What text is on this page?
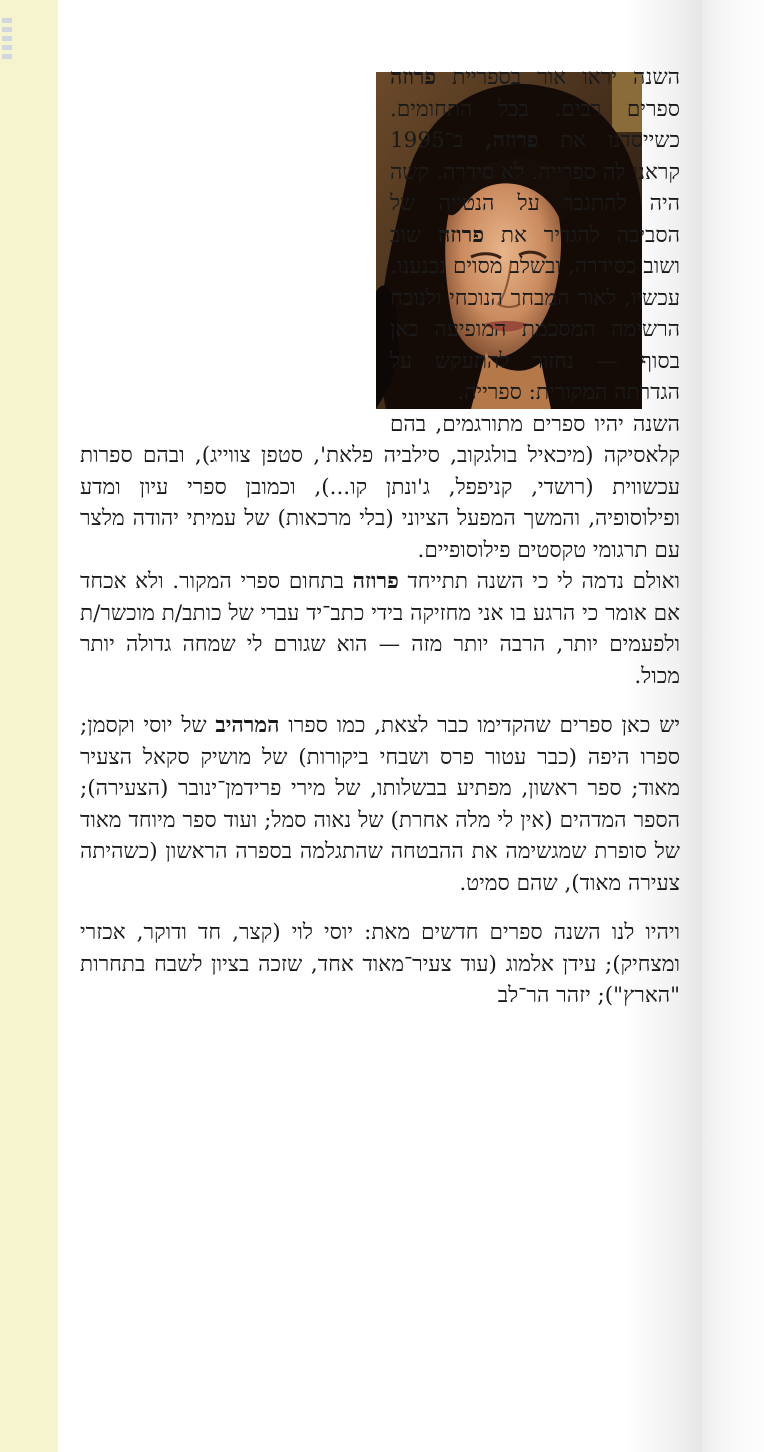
השנה יראו אור בספריית פרוזה ספרים רבים. בכל התחומים. כשייסדנו את פרוזה, ב־1995 קראנו לה ספרייה. לא סידרה. קשה היה להתגבר על הנטייה של הסביבה להגדיר את פרוזה שוב ושוב כסידרה, ובשלב מסוים נכנענו. עכשיו, לאור המבחר הנוכחי ולנוכח הרשימה המסכמת המופיעה כאן בסוף — נחזור להתעקש על הגדרתה המקורית: ספרייה.

השנה יהיו ספרים מתורגמים, בהם קלאסיקה (מיכאיל בולגקוב, סילביה פלאת', סטפן צווייג), ובהם ספרות עכשווית (רושדי, קניפפל, ג'ונתן קו...), וכמובן ספרי עיון ומדע ופילוסופיה, והמשך המפעל הציוני (בלי מרכאות) של עמיתי יהודה מלצר עם תרגומי טקסטים פילוסופיים.

ואולם נדמה לי כי השנה תתייחד פרוזה בתחום ספרי המקור. ולא אכחד אם אומר כי הרגע בו אני מחזיקה בידי כתב־יד עברי של כותב/ת מוכשר/ת ולפעמים יותר, הרבה יותר מזה — הוא שגורם לי שמחה גדולה יותר מכול.

יש כאן ספרים שהקדימו כבר לצאת, כמו ספרו המרהיב של יוסי וקסמן; ספרו היפה (כבר עטור פרס ושבחי ביקורות) של מושיק סקאל הצעיר מאוד; ספר ראשון, מפתיע בבשלותו, של מירי פרידמן־ינובר (הצעירה); הספר המדהים (אין לי מלה אחרת) של נאוה סמל; ועוד ספר מיוחד מאוד של סופרת שמגשימה את ההבטחה שהתגלמה בספרה הראשון (כשהיתה צעירה מאוד), שהם סמיט.

ויהיו לנו השנה ספרים חדשים מאת: יוסי לוי (קצר, חד ודוקר, אכזרי ומצחיק); עידן אלמוג (עוד צעיר־מאוד אחד, שזכה בציון לשבח בתחרות "הארץ"); יזהר הר־לב
